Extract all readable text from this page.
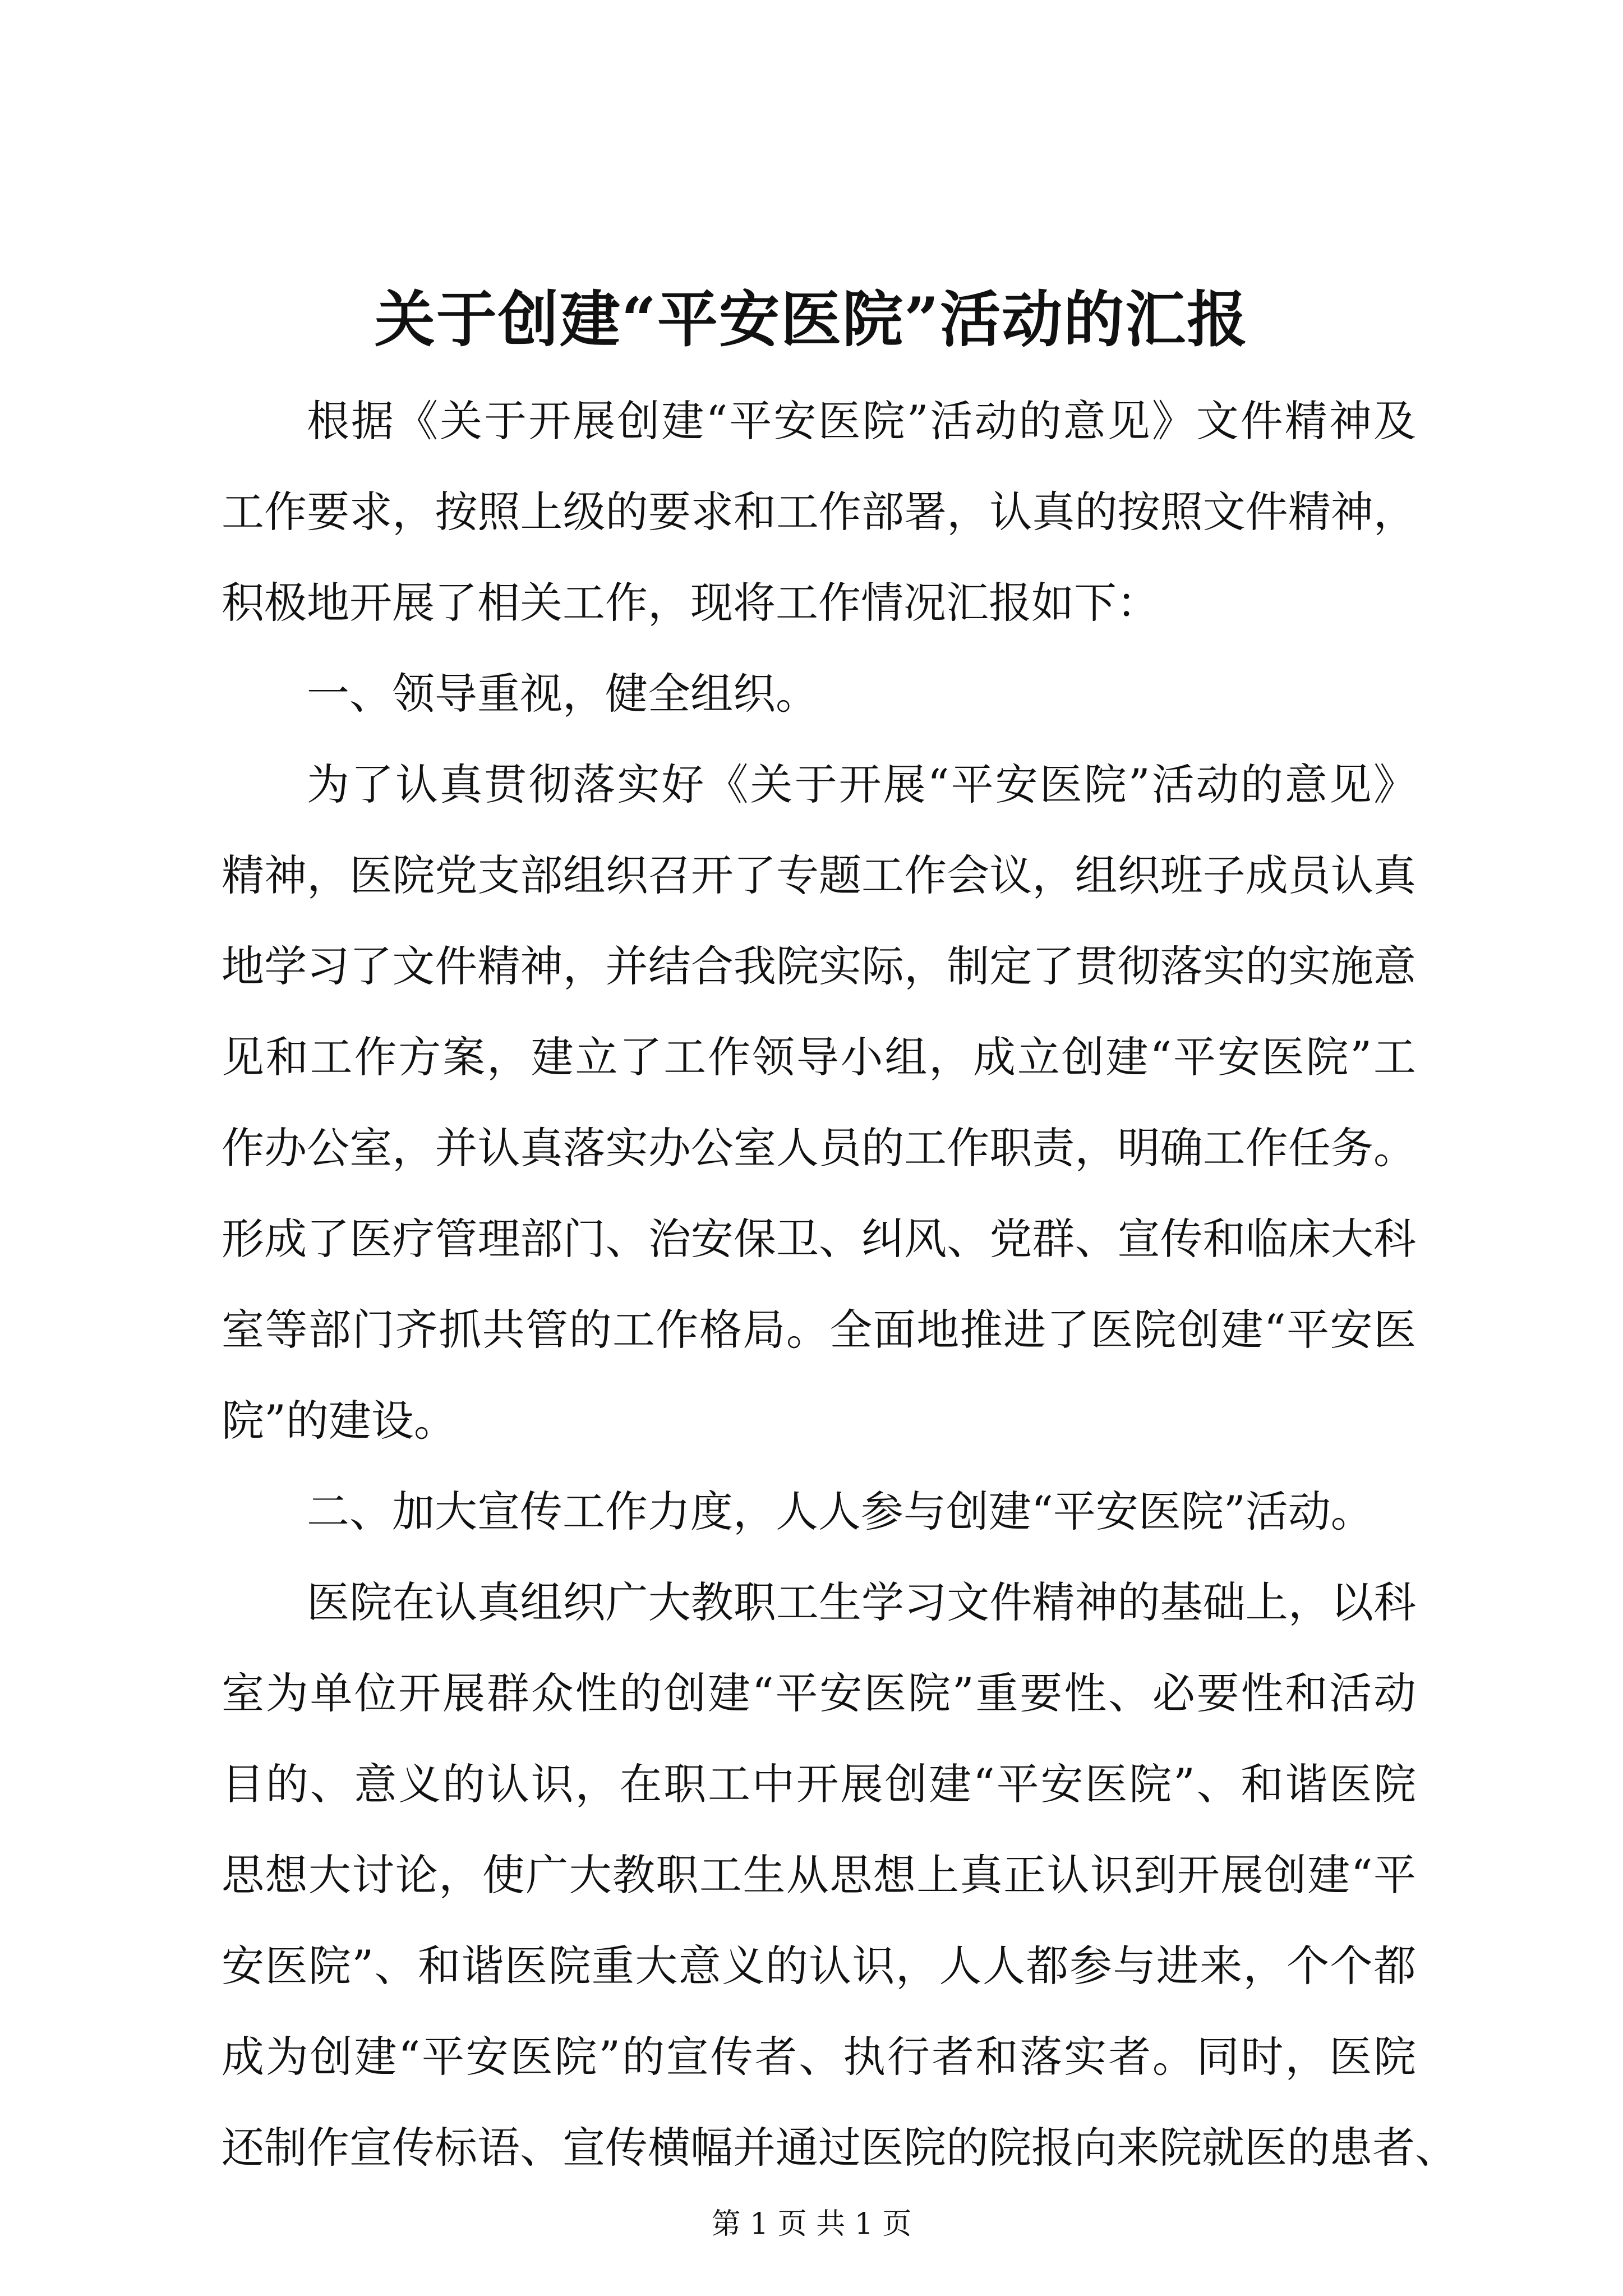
关于创建“平安医院”活动的汇报
根据《关于开展创建“平安医院”活动的意见》文件精神及
工作要求，按照上级的要求和工作部署，认真的按照文件精神，
积极地开展了相关工作，现将工作情况汇报如下：
一、领导重视，健全组织。
为了认真贯彻落实好《关于开展“平安医院”活动的意见》
精神，医院党支部组织召开了专题工作会议，组织班子成员认真
地学习了文件精神，并结合我院实际，制定了贯彻落实的实施意
见和工作方案，建立了工作领导小组，成立创建“平安医院”工
作办公室，并认真落实办公室人员的工作职责，明确工作任务。
形成了医疗管理部门、治安保卫、纠风、党群、宣传和临床大科
室等部门齐抓共管的工作格局。全面地推进了医院创建“平安医
院”的建设。
二、加大宣传工作力度，人人参与创建“平安医院”活动。
医院在认真组织广大教职工生学习文件精神的基础上，以科
室为单位开展群众性的创建“平安医院”重要性、必要性和活动
目的、意义的认识，在职工中开展创建“平安医院”、和谐医院
思想大讨论，使广大教职工生从思想上真正认识到开展创建“平
安医院”、和谐医院重大意义的认识，人人都参与进来，个个都
成为创建“平安医院”的宣传者、执行者和落实者。同时，医院
还制作宣传标语、宣传横幅并通过医院的院报向来院就医的患者、
第 1 页 共 1 页
